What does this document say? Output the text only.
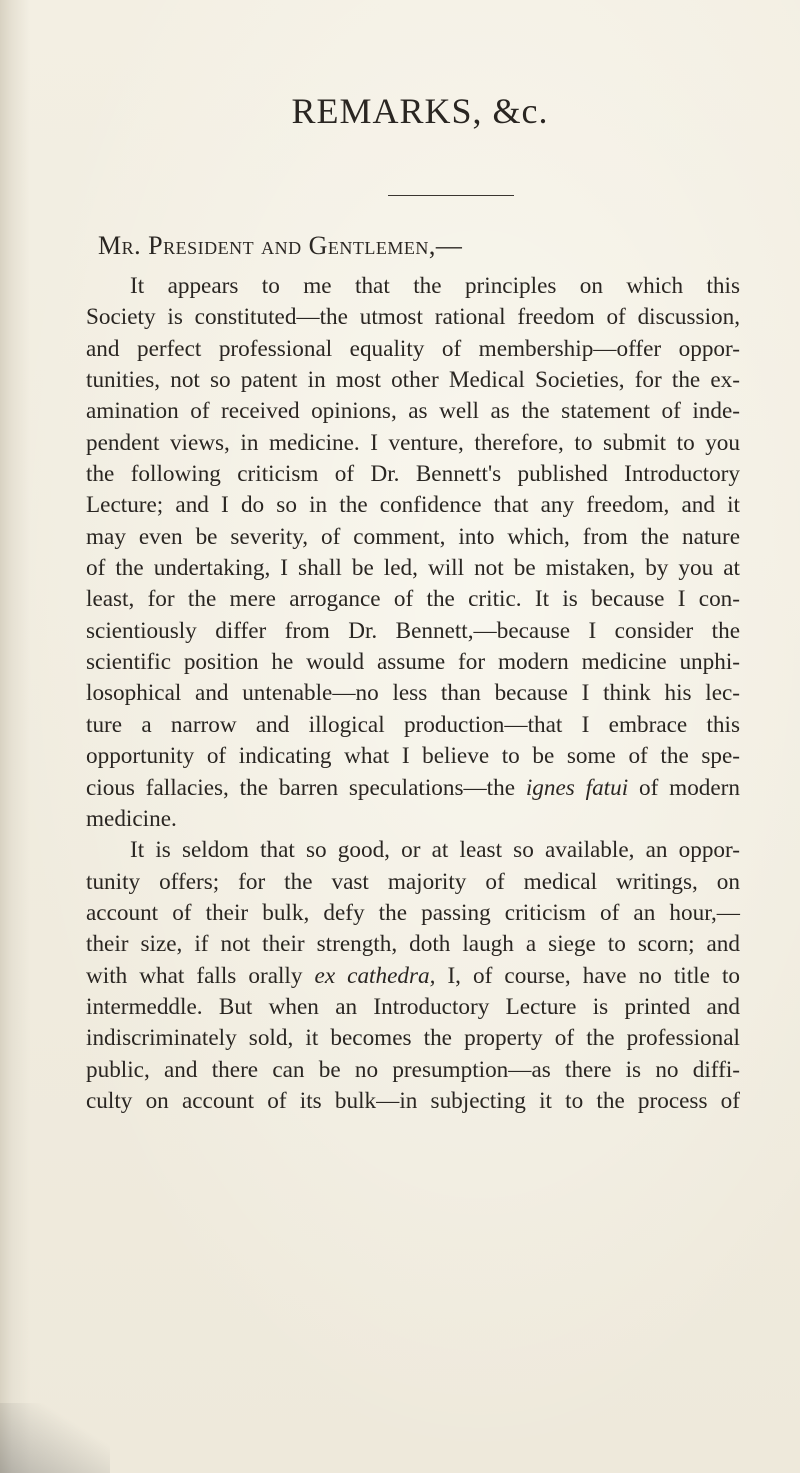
REMARKS, &c.
Mr. President and Gentlemen,—
It appears to me that the principles on which this
Society is constituted—the utmost rational freedom of discussion,
and perfect professional equality of membership—offer oppor-
tunities, not so patent in most other Medical Societies, for the ex-
amination of received opinions, as well as the statement of inde-
pendent views, in medicine. I venture, therefore, to submit to you
the following criticism of Dr. Bennett's published Introductory
Lecture; and I do so in the confidence that any freedom, and it
may even be severity, of comment, into which, from the nature
of the undertaking, I shall be led, will not be mistaken, by you at
least, for the mere arrogance of the critic. It is because I con-
scientiously differ from Dr. Bennett,—because I consider the
scientific position he would assume for modern medicine unphi-
losophical and untenable—no less than because I think his lec-
ture a narrow and illogical production—that I embrace this
opportunity of indicating what I believe to be some of the spe-
cious fallacies, the barren speculations—the ignes fatui of modern
medicine.
It is seldom that so good, or at least so available, an oppor-
tunity offers; for the vast majority of medical writings, on
account of their bulk, defy the passing criticism of an hour,—
their size, if not their strength, doth laugh a siege to scorn; and
with what falls orally ex cathedra, I, of course, have no title to
intermeddle. But when an Introductory Lecture is printed and
indiscriminately sold, it becomes the property of the professional
public, and there can be no presumption—as there is no diffi-
culty on account of its bulk—in subjecting it to the process of
